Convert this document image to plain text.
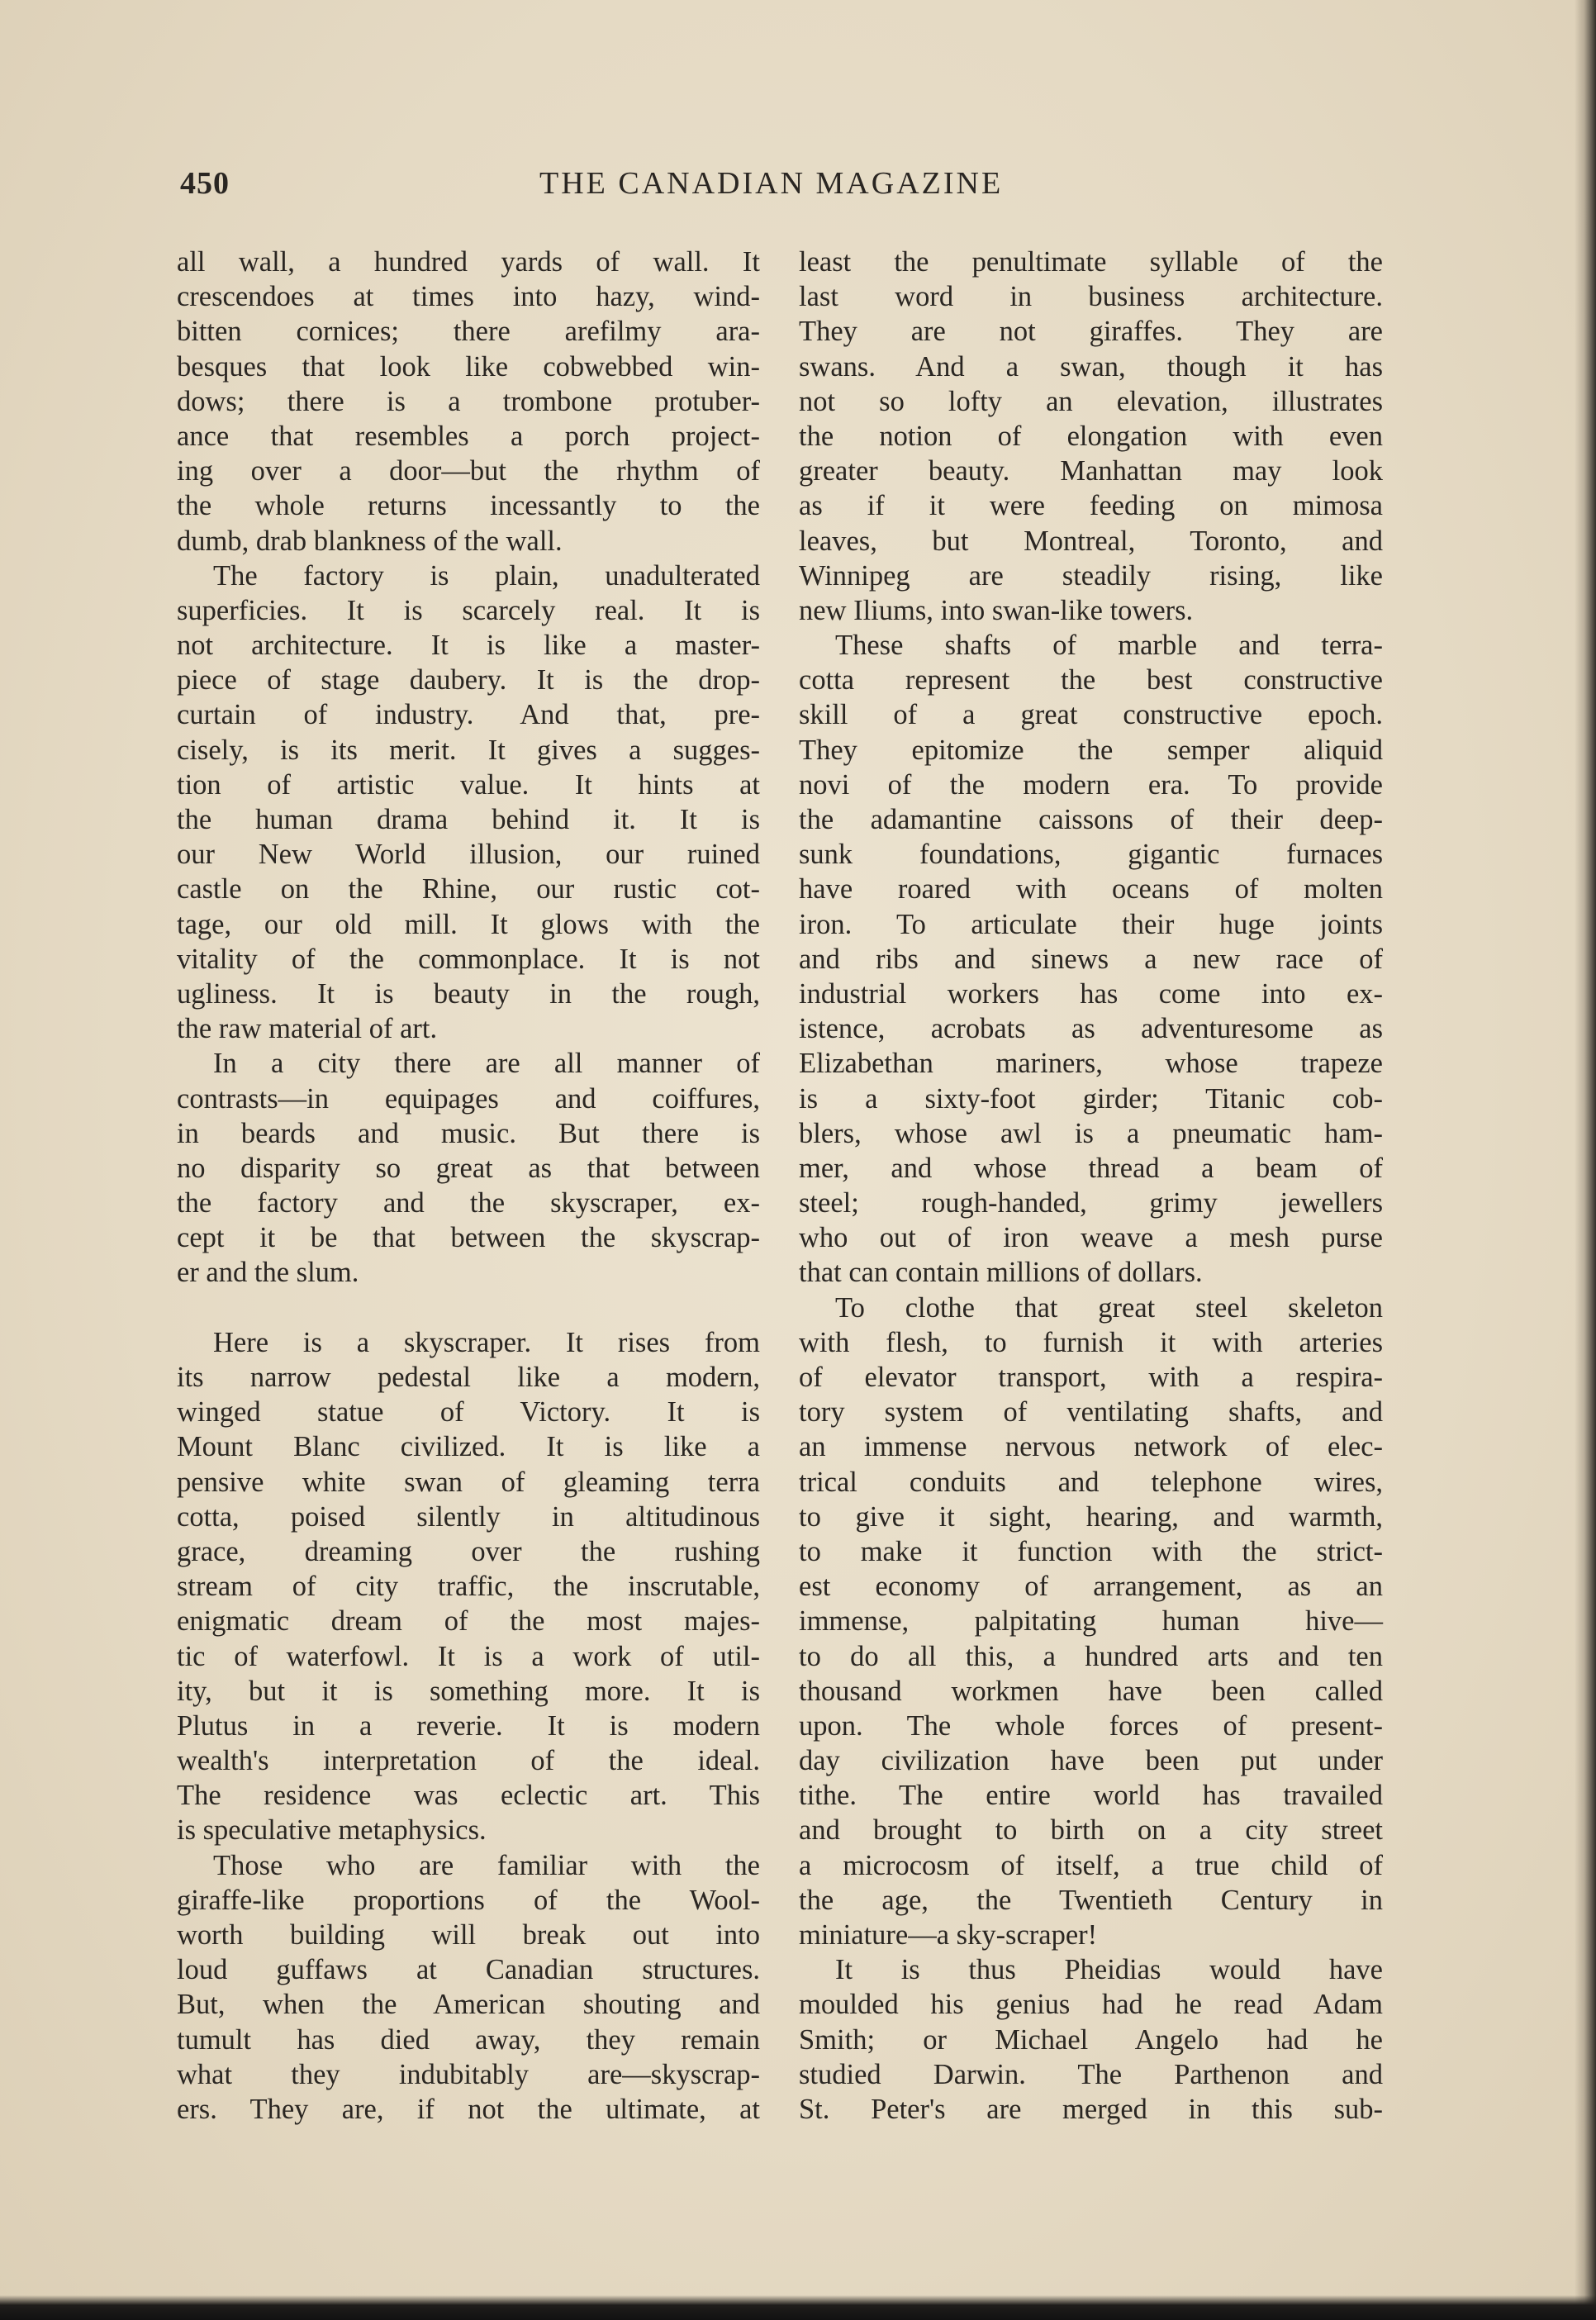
450	THE CANADIAN MAGAZINE
all wall, a hundred yards of wall. It
crescendoes at times into hazy, wind-
bitten cornices; there arefilmy ara-
besques that look like cobwebbed win-
dows; there is a trombone protuber-
ance that resembles a porch project-
ing over a door—but the rhythm of
the whole returns incessantly to the
dumb, drab blankness of the wall.
The factory is plain, unadulterated
superficies. It is scarcely real. It is
not architecture. It is like a master-
piece of stage daubery. It is the drop-
curtain of industry. And that, pre-
cisely, is its merit. It gives a sugges-
tion of artistic value. It hints at
the human drama behind it. It is
our New World illusion, our ruined
castle on the Rhine, our rustic cot-
tage, our old mill. It glows with the
vitality of the commonplace. It is not
ugliness. It is beauty in the rough,
the raw material of art.
In a city there are all manner of
contrasts—in equipages and coiffures,
in beards and music. But there is
no disparity so great as that between
the factory and the skyscraper, ex-
cept it be that between the skyscrap-
er and the slum.
Here is a skyscraper. It rises from
its narrow pedestal like a modern,
winged statue of Victory. It is
Mount Blanc civilized. It is like a
pensive white swan of gleaming terra
cotta, poised silently in altitudinous
grace, dreaming over the rushing
stream of city traffic, the inscrutable,
enigmatic dream of the most majes-
tic of waterfowl. It is a work of util-
ity, but it is something more. It is
Plutus in a reverie. It is modern
wealth's interpretation of the ideal.
The residence was eclectic art. This
is speculative metaphysics.
Those who are familiar with the
giraffe-like proportions of the Wool-
worth building will break out into
loud guffaws at Canadian structures.
But, when the American shouting and
tumult has died away, they remain
what they indubitably are—skyscrap-
ers. They are, if not the ultimate, at
least the penultimate syllable of the
last word in business architecture.
They are not giraffes. They are
swans. And a swan, though it has
not so lofty an elevation, illustrates
the notion of elongation with even
greater beauty. Manhattan may look
as if it were feeding on mimosa
leaves, but Montreal, Toronto, and
Winnipeg are steadily rising, like
new Iliums, into swan-like towers.
These shafts of marble and terra-
cotta represent the best constructive
skill of a great constructive epoch.
They epitomize the semper aliquid
novi of the modern era. To provide
the adamantine caissons of their deep-
sunk foundations, gigantic furnaces
have roared with oceans of molten
iron. To articulate their huge joints
and ribs and sinews a new race of
industrial workers has come into ex-
istence, acrobats as adventuresome as
Elizabethan mariners, whose trapeze
is a sixty-foot girder; Titanic cob-
blers, whose awl is a pneumatic ham-
mer, and whose thread a beam of
steel; rough-handed, grimy jewellers
who out of iron weave a mesh purse
that can contain millions of dollars.
To clothe that great steel skeleton
with flesh, to furnish it with arteries
of elevator transport, with a respira-
tory system of ventilating shafts, and
an immense nervous network of elec-
trical conduits and telephone wires,
to give it sight, hearing, and warmth,
to make it function with the strict-
est economy of arrangement, as an
immense, palpitating human hive—
to do all this, a hundred arts and ten
thousand workmen have been called
upon. The whole forces of present-
day civilization have been put under
tithe. The entire world has travailed
and brought to birth on a city street
a microcosm of itself, a true child of
the age, the Twentieth Century in
miniature—a sky-scraper!
It is thus Pheidias would have
moulded his genius had he read Adam
Smith; or Michael Angelo had he
studied Darwin. The Parthenon and
St. Peter's are merged in this sub-
